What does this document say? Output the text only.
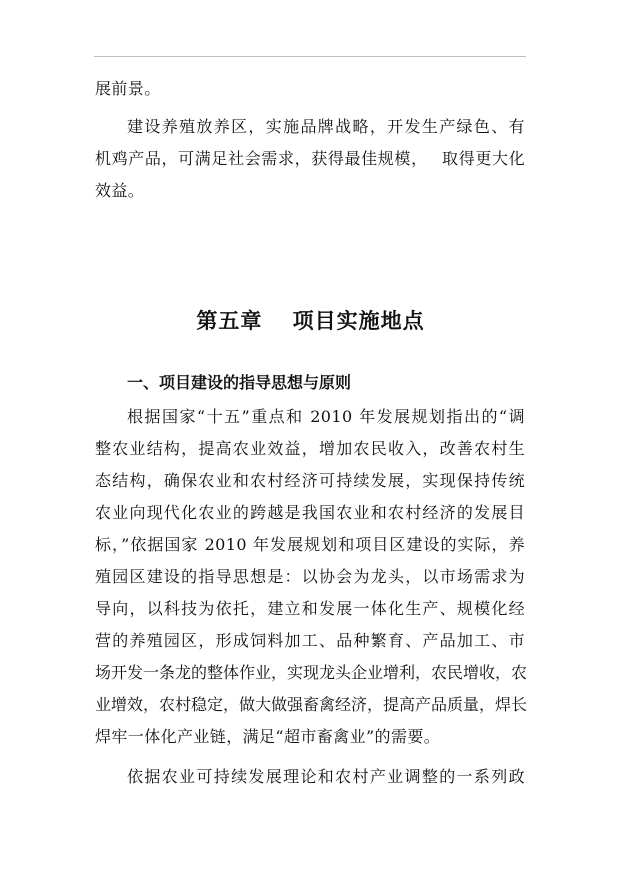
展前景。
建设养殖放养区，实施品牌战略，开发生产绿色、有
机鸡产品，可满足社会需求，获得最佳规模，　 取得更大化
效益。
第五章　 项目实施地点
一、项目建设的指导思想与原则
根据国家“十五”重点和 2010 年发展规划指出的“调
整农业结构，提高农业效益，增加农民收入，改善农村生
态结构，确保农业和农村经济可持续发展，实现保持传统
农业向现代化农业的跨越是我国农业和农村经济的发展目
标，”依据国家 2010 年发展规划和项目区建设的实际，养
殖园区建设的指导思想是：以协会为龙头，以市场需求为
导向，以科技为依托，建立和发展一体化生产、规模化经
营的养殖园区，形成饲料加工、品种繁育、产品加工、市
场开发一条龙的整体作业，实现龙头企业增利，农民增收，农
业增效，农村稳定，做大做强畜禽经济，提高产品质量，焊长
焊牢一体化产业链，满足“超市畜禽业”的需要。
依据农业可持续发展理论和农村产业调整的一系列政
